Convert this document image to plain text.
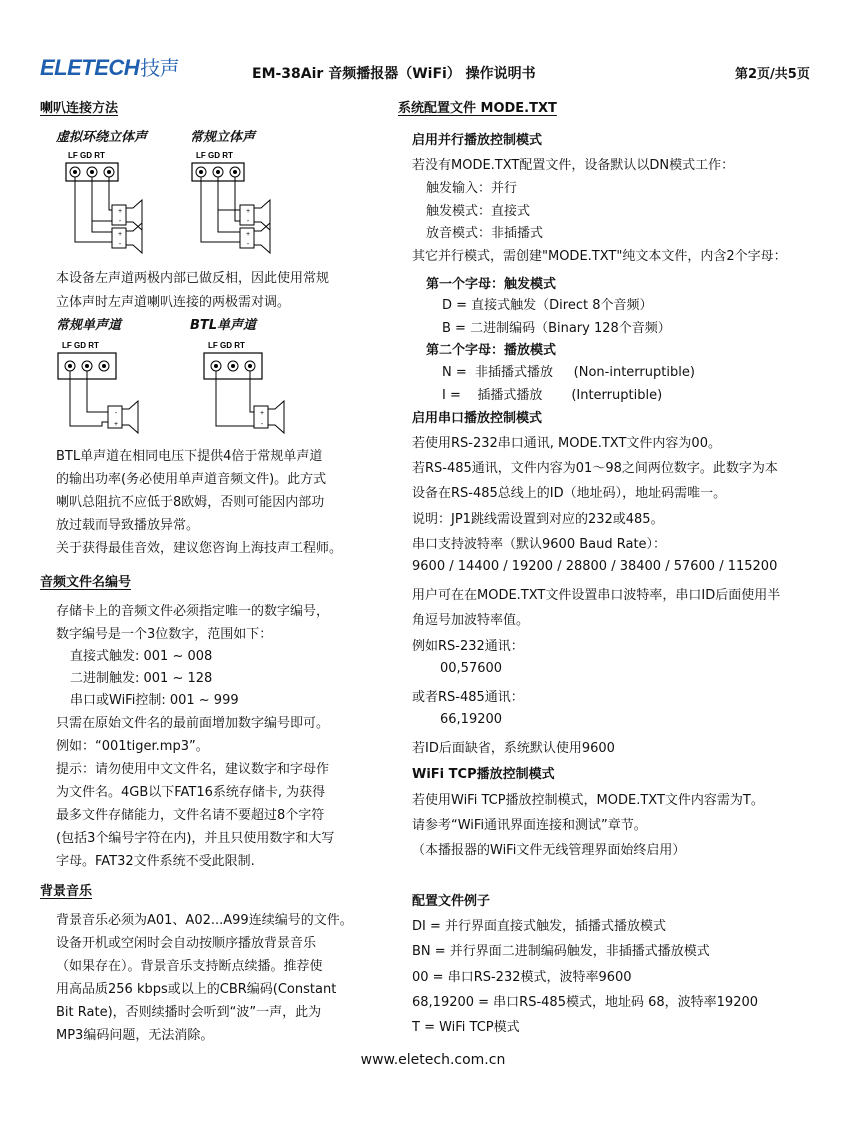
ELETECH技声	EM-38Air 音频播报器（WiFi） 操作说明书	第2页/共5页
喇叭连接方法
虚拟环绕立体声	常规立体声
LF GD RT
+
-
+
-
LF GD RT
+
-
+
-
本设备左声道两极内部已做反相，因此使用常规
立体声时左声道喇叭连接的两极需对调。
常规单声道	BTL单声道
LF GD RT
-
+
LF GD RT
+
-
BTL单声道在相同电压下提供4倍于常规单声道
的输出功率(务必使用单声道音频文件)。此方式
喇叭总阻抗不应低于8欧姆，否则可能因内部功
放过载而导致播放异常。
关于获得最佳音效，建议您咨询上海技声工程师。
音频文件名编号
存储卡上的音频文件必须指定唯一的数字编号，
数字编号是一个3位数字，范围如下：
直接式触发: 001 ~ 008
二进制触发: 001 ~ 128
串口或WiFi控制: 001 ~ 999
只需在原始文件名的最前面增加数字编号即可。
例如：“001tiger.mp3”。
提示：请勿使用中文文件名，建议数字和字母作
为文件名。4GB以下FAT16系统存储卡, 为获得
最多文件存储能力，文件名请不要超过8个字符
(包括3个编号字符在内)，并且只使用数字和大写
字母。FAT32文件系统不受此限制.
背景音乐
背景音乐必须为A01、A02...A99连续编号的文件。
设备开机或空闲时会自动按顺序播放背景音乐
（如果存在）。背景音乐支持断点续播。推荐使
用高品质256 kbps或以上的CBR编码(Constant
Bit Rate)，否则续播时会听到“波”一声，此为
MP3编码问题，无法消除。
系统配置文件 MODE.TXT
启用并行播放控制模式
若没有MODE.TXT配置文件，设备默认以DN模式工作：
触发输入：并行
触发模式：直接式
放音模式：非插播式
其它并行模式，需创建"MODE.TXT"纯文本文件，内含2个字母：
第一个字母：触发模式
D = 直接式触发（Direct 8个音频）
B = 二进制编码（Binary 128个音频）
第二个字母：播放模式
N =  非插播式播放     (Non-interruptible)
I =    插播式播放       (Interruptible)
启用串口播放控制模式
若使用RS-232串口通讯, MODE.TXT文件内容为00。
若RS-485通讯，文件内容为01～98之间两位数字。此数字为本
设备在RS-485总线上的ID（地址码），地址码需唯一。
说明：JP1跳线需设置到对应的232或485。
串口支持波特率（默认9600 Baud Rate）：
9600 / 14400 / 19200 / 28800 / 38400 / 57600 / 115200
用户可在在MODE.TXT文件设置串口波特率，串口ID后面使用半
角逗号加波特率值。
例如RS-232通讯：
00,57600
或者RS-485通讯：
66,19200
若ID后面缺省，系统默认使用9600
WiFi TCP播放控制模式
若使用WiFi TCP播放控制模式，MODE.TXT文件内容需为T。
请参考“WiFi通讯界面连接和测试”章节。
（本播报器的WiFi文件无线管理界面始终启用）
配置文件例子
DI = 并行界面直接式触发，插播式播放模式
BN = 并行界面二进制编码触发，非插播式播放模式
00 = 串口RS-232模式，波特率9600
68,19200 = 串口RS-485模式，地址码 68，波特率19200
T = WiFi TCP模式
www.eletech.com.cn
